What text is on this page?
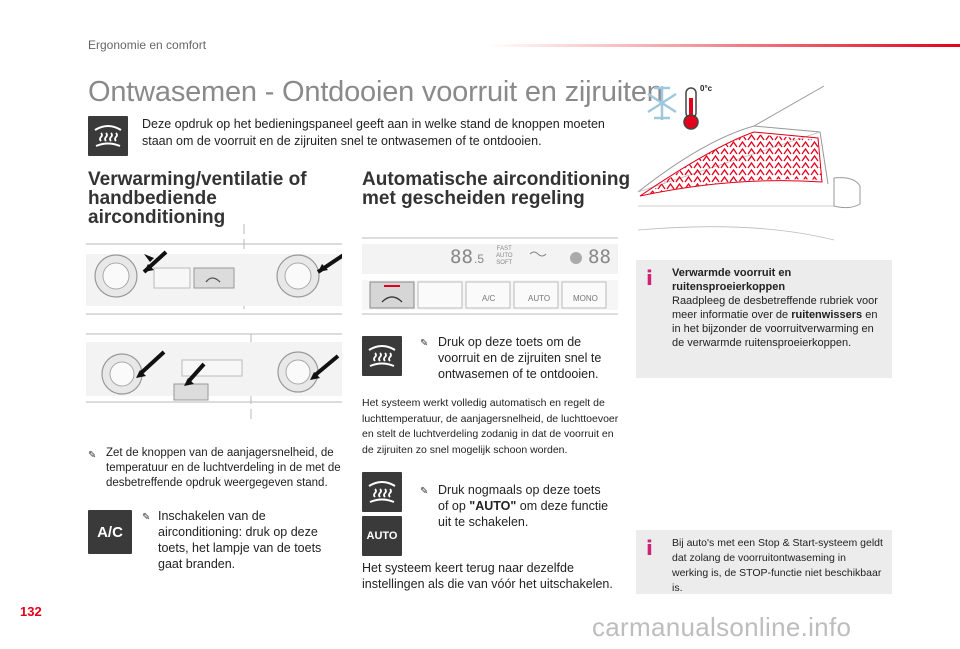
Ergonomie en comfort
Ontwasemen - Ontdooien voorruit en zijruiten

Deze opdruk op het bedieningspaneel geeft aan in welke stand de knoppen moeten staan om de voorruit en de zijruiten snel te ontwasemen of te ontdooien.

Verwarming/ventilatie of
handbediende airconditioning
✎ Zet de knoppen van de aanjagersnelheid, de temperatuur en de luchtverdeling in de met de desbetreffende opdruk weergegeven stand.

A/C
✎ Inschakelen van de airconditioning: druk op deze toets, het lampje van de toets gaat branden.

Automatische airconditioning
met gescheiden regeling
88 .5
FAST
AUTO
SOFT	88
A/C	AUTO	MONO
✎ Druk op deze toets om de voorruit en de zijruiten snel te ontwasemen of te ontdooien.

Het systeem werkt volledig automatisch en regelt de luchttemperatuur, de aanjagersnelheid, de luchttoevoer en stelt de luchtverdeling zodanig in dat de voorruit en de zijruiten zo snel mogelijk schoon worden.

AUTO
✎ Druk nogmaals op deze toets of op "AUTO" om deze functie uit te schakelen.

Het systeem keert terug naar dezelfde instellingen als die van vóór het uitschakelen.

0°c
i Verwarmde voorruit en
ruitensproeierkoppen
Raadpleeg de desbetreffende rubriek voor meer informatie over de ruitenwissers en in het bijzonder de voorruitverwarming en de verwarmde ruitensproeierkoppen.
i Bij auto's met een Stop & Start-systeem geldt dat zolang de voorruitontwaseming in werking is, de STOP-functie niet beschikbaar is.

132
carmanualsonline.info
